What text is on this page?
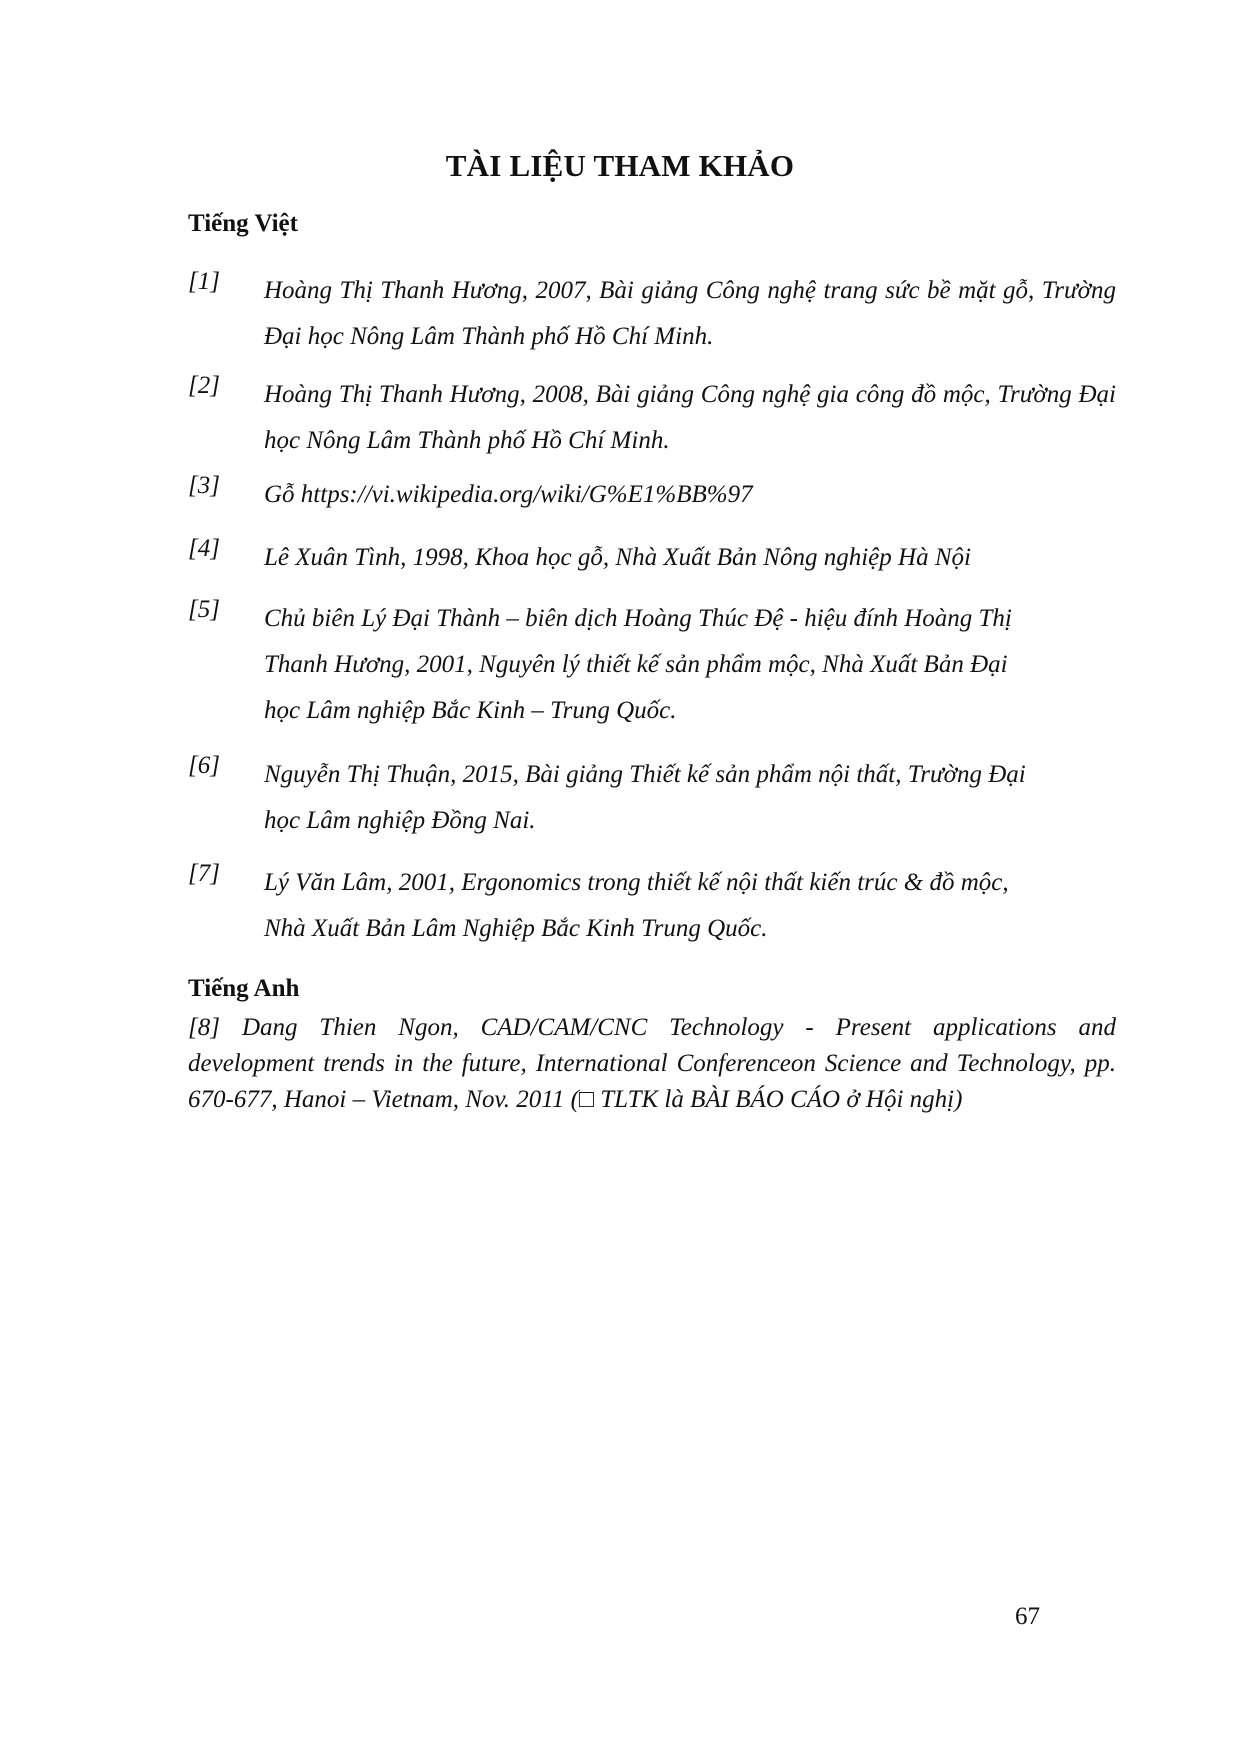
TÀI LIỆU THAM KHẢO
Tiếng Việt
[1] Hoàng Thị Thanh Hương, 2007, Bài giảng Công nghệ trang sức bề mặt gỗ, Trường Đại học Nông Lâm Thành phố Hồ Chí Minh.
[2] Hoàng Thị Thanh Hương, 2008, Bài giảng Công nghệ gia công đồ mộc, Trường Đại học Nông Lâm Thành phố Hồ Chí Minh.
[3] Gỗ https://vi.wikipedia.org/wiki/G%E1%BB%97
[4] Lê Xuân Tình, 1998, Khoa học gỗ, Nhà Xuất Bản Nông nghiệp Hà Nội
[5] Chủ biên Lý Đại Thành – biên dịch Hoàng Thúc Đệ - hiệu đính Hoàng Thị Thanh Hương, 2001, Nguyên lý thiết kế sản phẩm mộc, Nhà Xuất Bản Đại học Lâm nghiệp Bắc Kinh – Trung Quốc.
[6] Nguyễn Thị Thuận, 2015, Bài giảng Thiết kế sản phẩm nội thất, Trường Đại học Lâm nghiệp Đồng Nai.
[7] Lý Văn Lâm, 2001, Ergonomics trong thiết kế nội thất kiến trúc & đồ mộc, Nhà Xuất Bản Lâm Nghiệp Bắc Kinh Trung Quốc.
Tiếng Anh
[8] Dang Thien Ngon, CAD/CAM/CNC Technology - Present applications and development trends in the future, International Conferenceon Science and Technology, pp. 670-677, Hanoi – Vietnam, Nov. 2011 (□ TLTK là BÀI BÁO CÁO ở Hội nghị)
67
